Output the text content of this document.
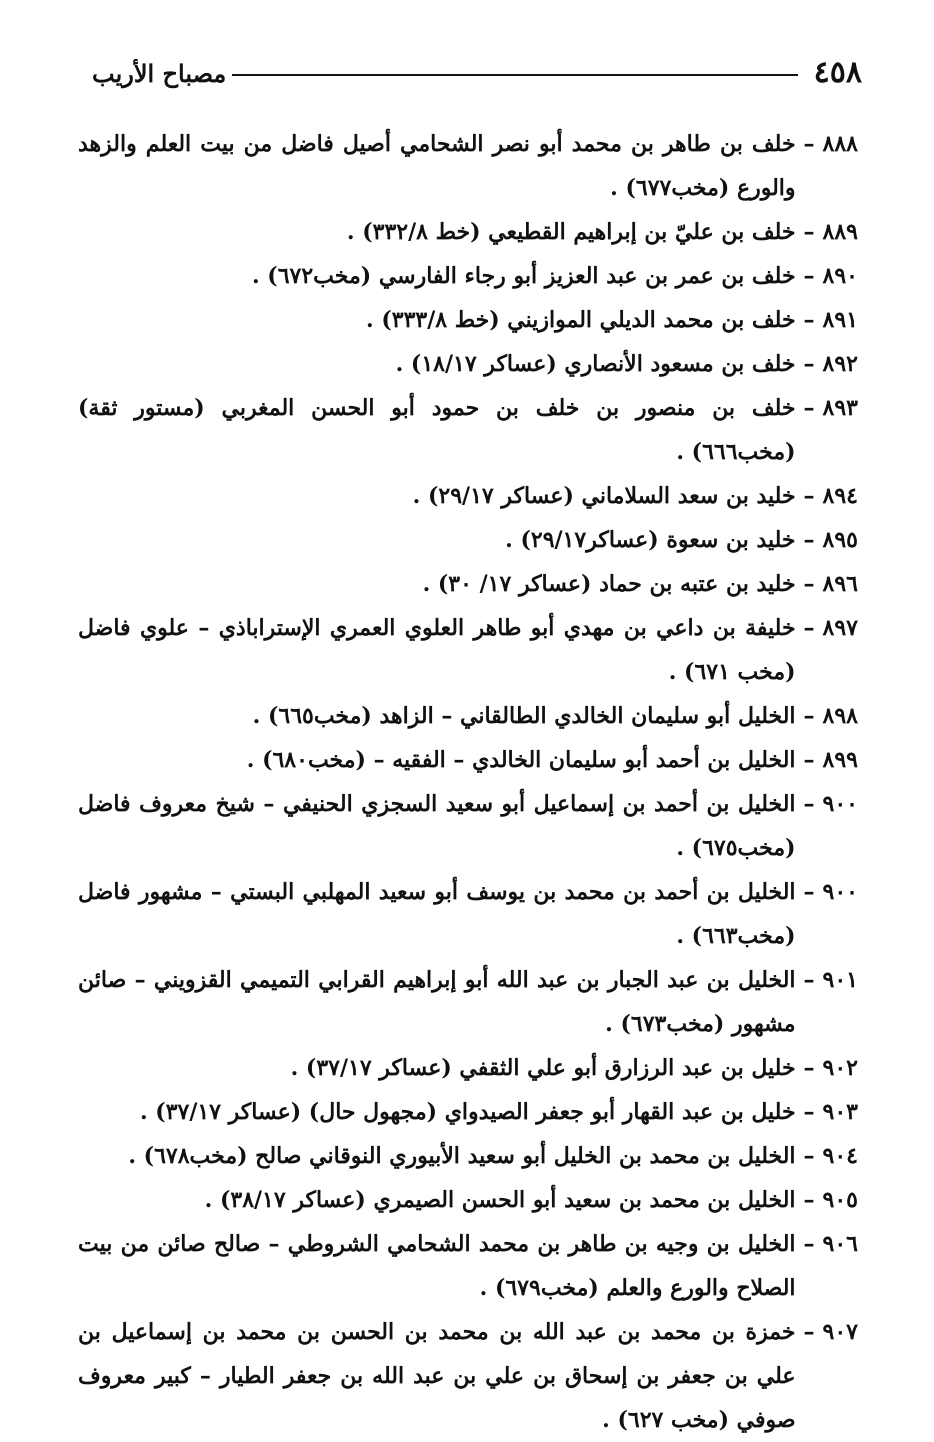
٤٥٨
مصباح الأريب
٨٨٨
–
خلف بن طاهر بن محمد أبو نصر الشحامي أصيل فاضل من بيت العلم والزهد والورع (مخب٦٧٧) .
٨٨٩
–
خلف بن عليّ بن إبراهيم القطيعي (خط ٣٣٢/٨) .
٨٩٠
–
خلف بن عمر بن عبد العزيز أبو رجاء الفارسي (مخب٦٧٢) .
٨٩١
–
خلف بن محمد الديلي الموازيني (خط ٣٣٣/٨) .
٨٩٢
–
خلف بن مسعود الأنصاري (عساكر ١٨/١٧) .
٨٩٣
–
خلف بن منصور بن خلف بن حمود أبو الحسن المغربي (مستور ثقة) (مخب٦٦٦) .
٨٩٤
–
خليد بن سعد السلاماني (عساكر ٢٩/١٧) .
٨٩٥
–
خليد بن سعوة (عساكر٢٩/١٧) .
٨٩٦
–
خليد بن عتبه بن حماد (عساكر ١٧/ ٣٠) .
٨٩٧
–
خليفة بن داعي بن مهدي أبو طاهر العلوي العمري الإستراباذي – علوي فاضل (مخب ٦٧١) .
٨٩٨
–
الخليل أبو سليمان الخالدي الطالقاني – الزاهد (مخب٦٦٥) .
٨٩٩
–
الخليل بن أحمد أبو سليمان الخالدي – الفقيه – (مخب٦٨٠) .
٩٠٠
–
الخليل بن أحمد بن إسماعيل أبو سعيد السجزي الحنيفي – شيخ معروف فاضل (مخب٦٧٥) .
٩٠٠
–
الخليل بن أحمد بن محمد بن يوسف أبو سعيد المهلبي البستي – مشهور فاضل (مخب٦٦٣) .
٩٠١
–
الخليل بن عبد الجبار بن عبد الله أبو إبراهيم القرابي التميمي القزويني – صائن مشهور (مخب٦٧٣) .
٩٠٢
–
خليل بن عبد الرزارق أبو علي الثقفي (عساكر ٣٧/١٧) .
٩٠٣
–
خليل بن عبد القهار أبو جعفر الصيدواي (مجهول حال) (عساكر ٣٧/١٧) .
٩٠٤
–
الخليل بن محمد بن الخليل أبو سعيد الأبيوري النوقاني صالح (مخب٦٧٨) .
٩٠٥
–
الخليل بن محمد بن سعيد أبو الحسن الصيمري (عساكر ٣٨/١٧) .
٩٠٦
–
الخليل بن وجيه بن طاهر بن محمد الشحامي الشروطي – صالح صائن من بيت الصلاح والورع والعلم (مخب٦٧٩) .
٩٠٧
–
خمزة بن محمد بن عبد الله بن محمد بن الحسن بن محمد بن إسماعيل بن علي بن جعفر بن إسحاق بن علي بن عبد الله بن جعفر الطيار – كبير معروف صوفي (مخب ٦٢٧) .
